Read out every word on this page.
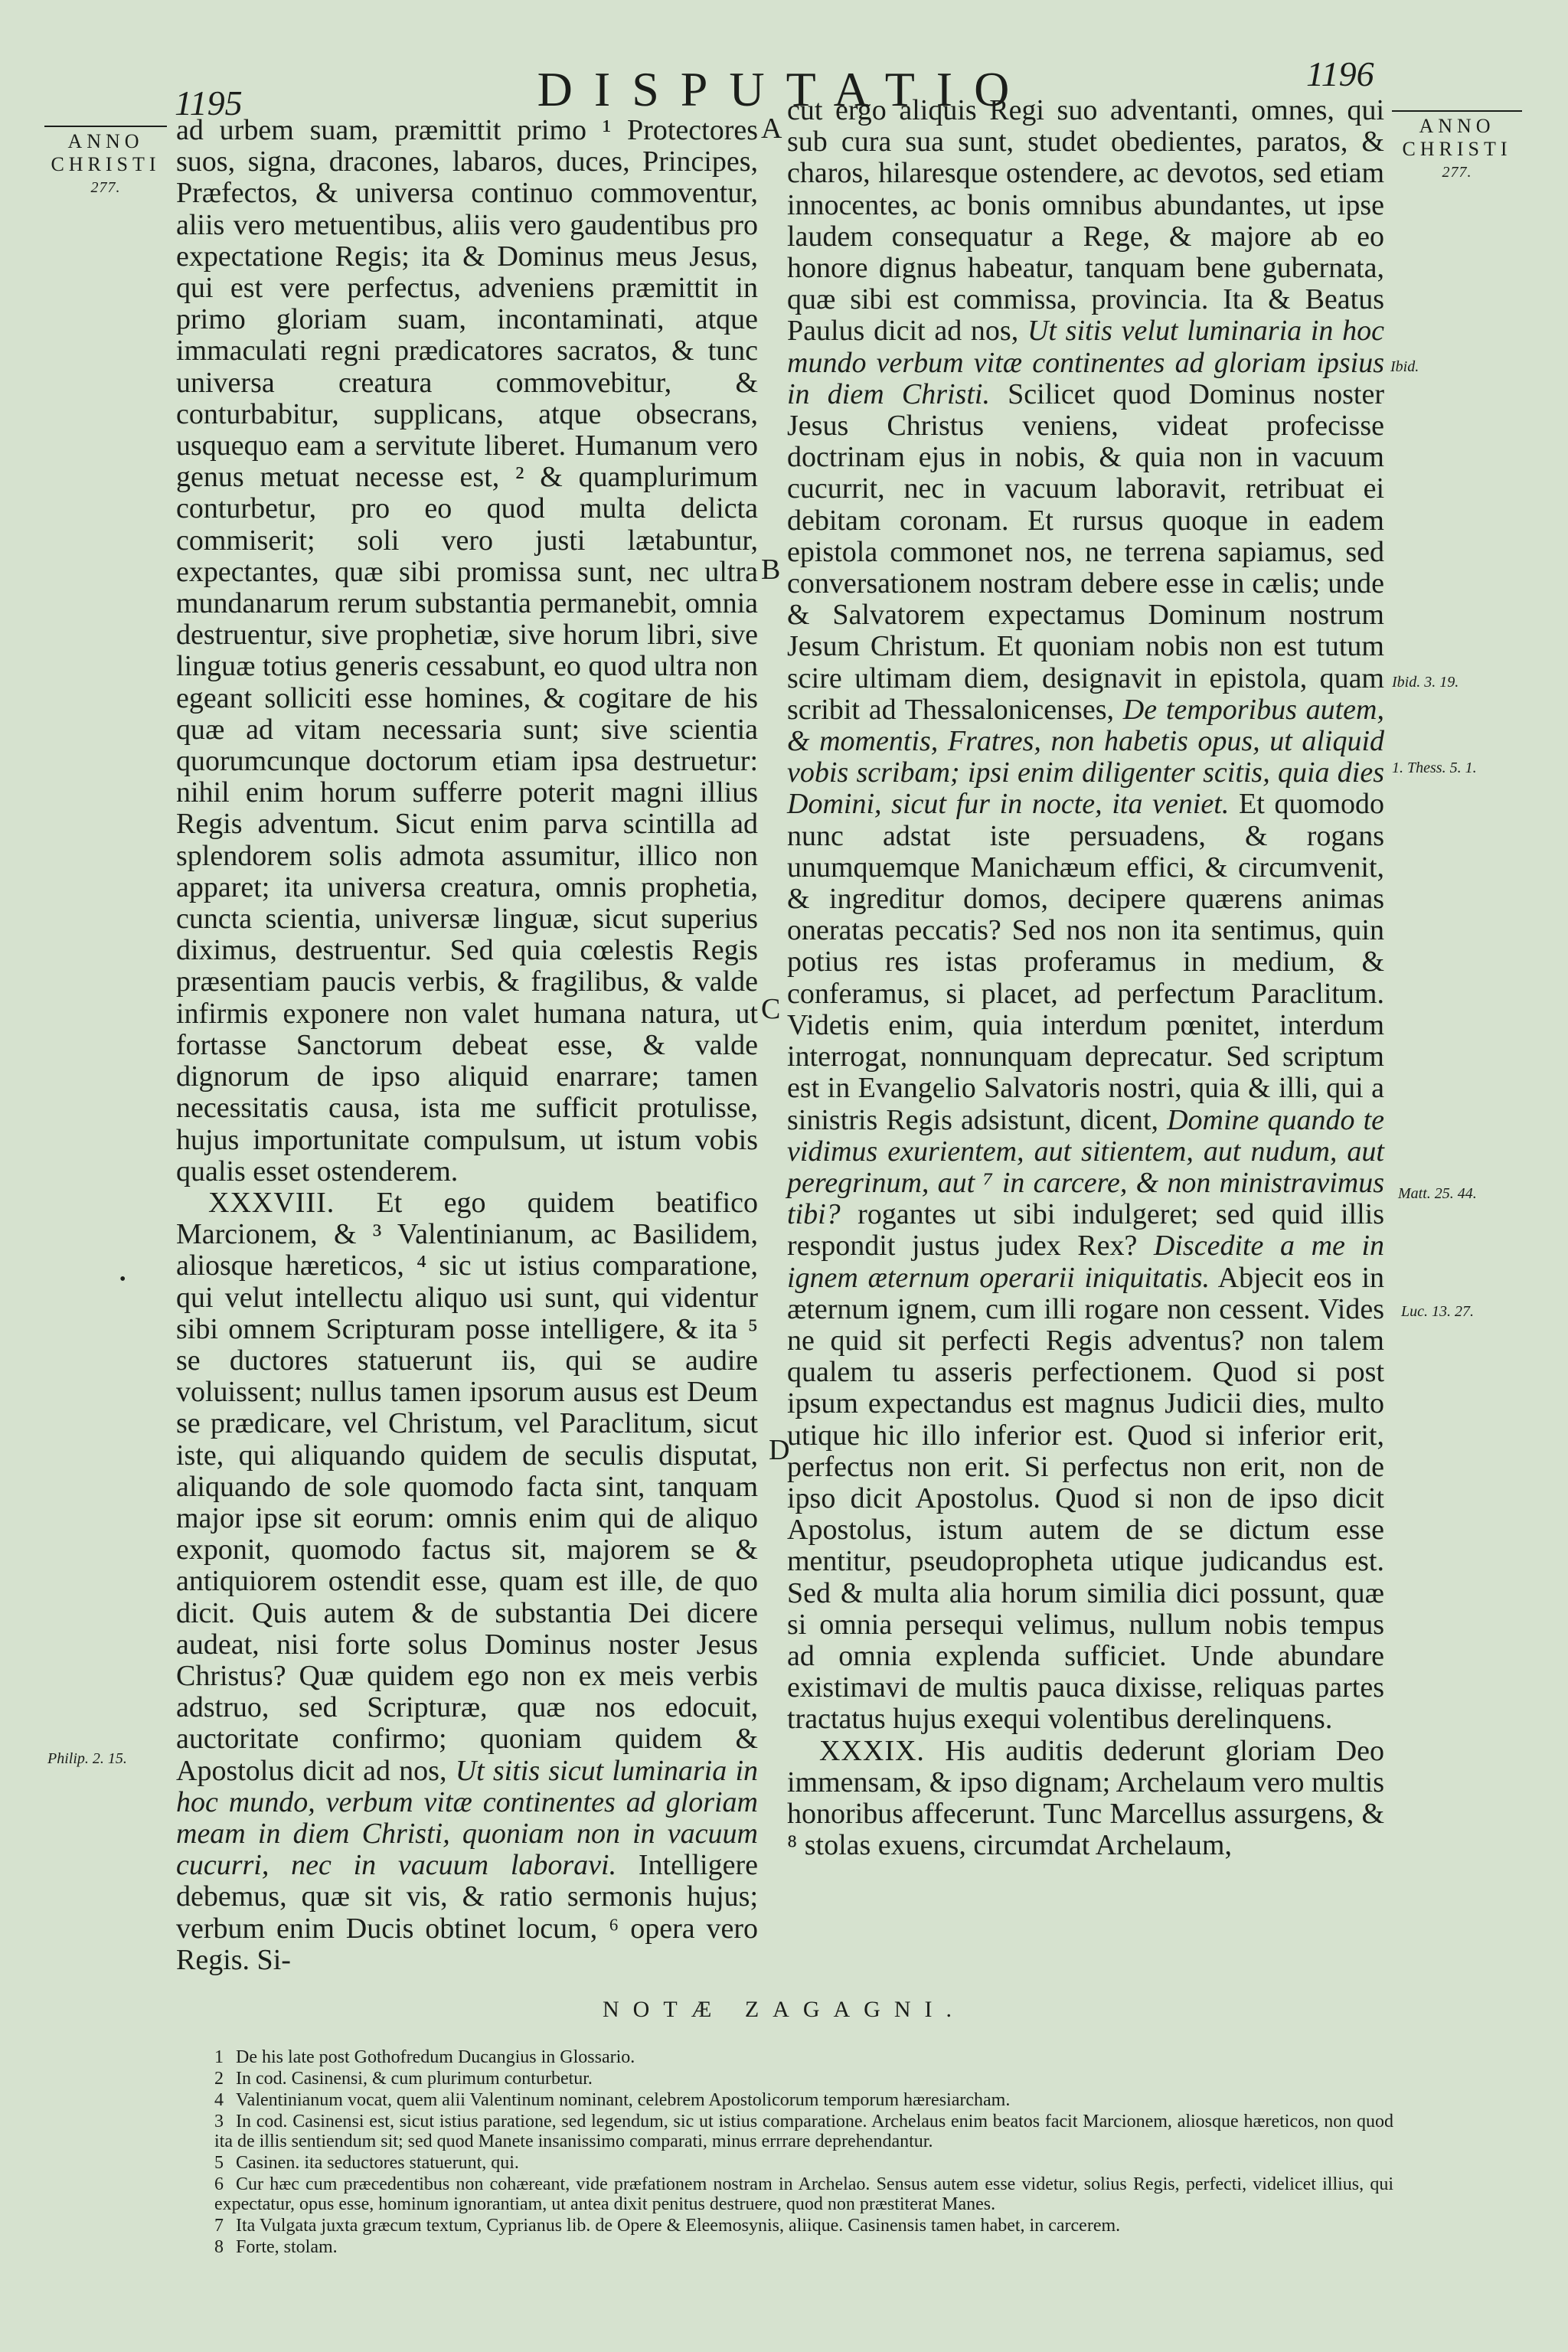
1195	DISPUTATIO	1196
ANNO
CHRISTI
277.
ANNO
CHRISTI
277.
•
A
B
C
D

ad urbem suam, præmittit primo ¹ Protectores suos, signa, dracones, labaros, duces, Principes, Præfectos, & universa continuo commoventur, aliis vero metuentibus, aliis vero gaudentibus pro expectatione Regis; ita & Dominus meus Jesus, qui est vere perfectus, adveniens præmittit in primo gloriam suam, incontaminati, atque immaculati regni prædicatores sacratos, & tunc universa creatura commovebitur, & conturbabitur, supplicans, atque obsecrans, usquequo eam a servitute liberet. Humanum vero genus metuat necesse est, ² & quamplurimum conturbetur, pro eo quod multa delicta commiserit; soli vero justi lætabuntur, expectantes, quæ sibi promissa sunt, nec ultra mundanarum rerum substantia permanebit, omnia destruentur, sive prophetiæ, sive horum libri, sive linguæ totius generis cessabunt, eo quod ultra non egeant solliciti esse homines, & cogitare de his quæ ad vitam necessaria sunt; sive scientia quorumcunque doctorum etiam ipsa destruetur: nihil enim horum sufferre poterit magni illius Regis adventum. Sicut enim parva scintilla ad splendorem solis admota assumitur, illico non apparet; ita universa creatura, omnis prophetia, cuncta scientia, universæ linguæ, sicut superius diximus, destruentur. Sed quia cœlestis Regis præsentiam paucis verbis, & fragilibus, & valde infirmis exponere non valet humana natura, ut fortasse Sanctorum debeat esse, & valde dignorum de ipso aliquid enarrare; tamen necessitatis causa, ista me sufficit protulisse, hujus importunitate compulsum, ut istum vobis qualis esset ostenderem.

XXXVIII. Et ego quidem beatifico Marcionem, & ³ Valentinianum, ac Basilidem, aliosque hæreticos, ⁴ sic ut istius comparatione, qui velut intellectu aliquo usi sunt, qui videntur sibi omnem Scripturam posse intelligere, & ita ⁵ se ductores statuerunt iis, qui se audire voluissent; nullus tamen ipsorum ausus est Deum se prædicare, vel Christum, vel Paraclitum, sicut iste, qui aliquando quidem de seculis disputat, aliquando de sole quomodo facta sint, tanquam major ipse sit eorum: omnis enim qui de aliquo exponit, quomodo factus sit, majorem se & antiquiorem ostendit esse, quam est ille, de quo dicit. Quis autem & de substantia Dei dicere audeat, nisi forte solus Dominus noster Jesus Christus? Quæ quidem ego non ex meis verbis adstruo, sed Scripturæ, quæ nos edocuit, auctoritate confirmo; quoniam quidem & Apostolus dicit ad nos, Ut sitis sicut luminaria in hoc mundo, verbum vitæ continentes ad gloriam meam in diem Christi, quoniam non in vacuum cucurri, nec in vacuum laboravi. Intelligere debemus, quæ sit vis, & ratio sermonis hujus; verbum enim Ducis obtinet locum, ⁶ opera vero Regis. Si-

cut ergo aliquis Regi suo adventanti, omnes, qui sub cura sua sunt, studet obedientes, paratos, & charos, hilaresque ostendere, ac devotos, sed etiam innocentes, ac bonis omnibus abundantes, ut ipse laudem consequatur a Rege, & majore ab eo honore dignus habeatur, tanquam bene gubernata, quæ sibi est commissa, provincia. Ita & Beatus Paulus dicit ad nos, Ut sitis velut luminaria in hoc mundo verbum vitæ continentes ad gloriam ipsius in diem Christi. Scilicet quod Dominus noster Jesus Christus veniens, videat profecisse doctrinam ejus in nobis, & quia non in vacuum cucurrit, nec in vacuum laboravit, retribuat ei debitam coronam. Et rursus quoque in eadem epistola commonet nos, ne terrena sapiamus, sed conversationem nostram debere esse in cælis; unde & Salvatorem expectamus Dominum nostrum Jesum Christum. Et quoniam nobis non est tutum scire ultimam diem, designavit in epistola, quam scribit ad Thessalonicenses, De temporibus autem, & momentis, Fratres, non habetis opus, ut aliquid vobis scribam; ipsi enim diligenter scitis, quia dies Domini, sicut fur in nocte, ita veniet. Et quomodo nunc adstat iste persuadens, & rogans unumquemque Manichæum effici, & circumvenit, & ingreditur domos, decipere quærens animas oneratas peccatis? Sed nos non ita sentimus, quin potius res istas proferamus in medium, & conferamus, si placet, ad perfectum Paraclitum. Videtis enim, quia interdum pœnitet, interdum interrogat, nonnunquam deprecatur. Sed scriptum est in Evangelio Salvatoris nostri, quia & illi, qui a sinistris Regis adsistunt, dicent, Domine quando te vidimus exurientem, aut sitientem, aut nudum, aut peregrinum, aut ⁷ in carcere, & non ministravimus tibi? rogantes ut sibi indulgeret; sed quid illis respondit justus judex Rex? Discedite a me in ignem æternum operarii iniquitatis. Abjecit eos in æternum ignem, cum illi rogare non cessent. Vides ne quid sit perfecti Regis adventus? non talem qualem tu asseris perfectionem. Quod si post ipsum expectandus est magnus Judicii dies, multo utique hic illo inferior est. Quod si inferior erit, perfectus non erit. Si perfectus non erit, non de ipso dicit Apostolus. Quod si non de ipso dicit Apostolus, istum autem de se dictum esse mentitur, pseudopropheta utique judicandus est. Sed & multa alia horum similia dici possunt, quæ si omnia persequi velimus, nullum nobis tempus ad omnia explenda sufficiet. Unde abundare existimavi de multis pauca dixisse, reliquas partes tractatus hujus exequi volentibus derelinquens.

XXXIX. His auditis dederunt gloriam Deo immensam, & ipso dignam; Archelaum vero multis honoribus affecerunt. Tunc Marcellus assurgens, & ⁸ stolas exuens, circumdat Archelaum,

Ibid.
Ibid. 3. 19.
1. Thess. 5. 1.
Matt. 25. 44.
Luc. 13. 27.
Philip. 2. 15.
NOTÆ ZAGAGNI.

1 De his late post Gothofredum Ducangius in Glossario.

2 In cod. Casinensi, & cum plurimum conturbetur.

4 Valentinianum vocat, quem alii Valentinum nominant, celebrem Apostolicorum temporum hæresiarcham.

3 In cod. Casinensi est, sicut istius paratione, sed legendum, sic ut istius comparatione. Archelaus enim beatos facit Marcionem, aliosque hæreticos, non quod ita de illis sentiendum sit; sed quod Manete insanissimo comparati, minus errrare deprehendantur.

5 Casinen. ita seductores statuerunt, qui.

6 Cur hæc cum præcedentibus non cohæreant, vide præfationem nostram in Archelao. Sensus autem esse videtur, solius Regis, perfecti, videlicet illius, qui expectatur, opus esse, hominum ignorantiam, ut antea dixit penitus destruere, quod non præstiterat Manes.

7 Ita Vulgata juxta græcum textum, Cyprianus lib. de Opere & Eleemosynis, aliique. Casinensis tamen habet, in carcerem.

8 Forte, stolam.
